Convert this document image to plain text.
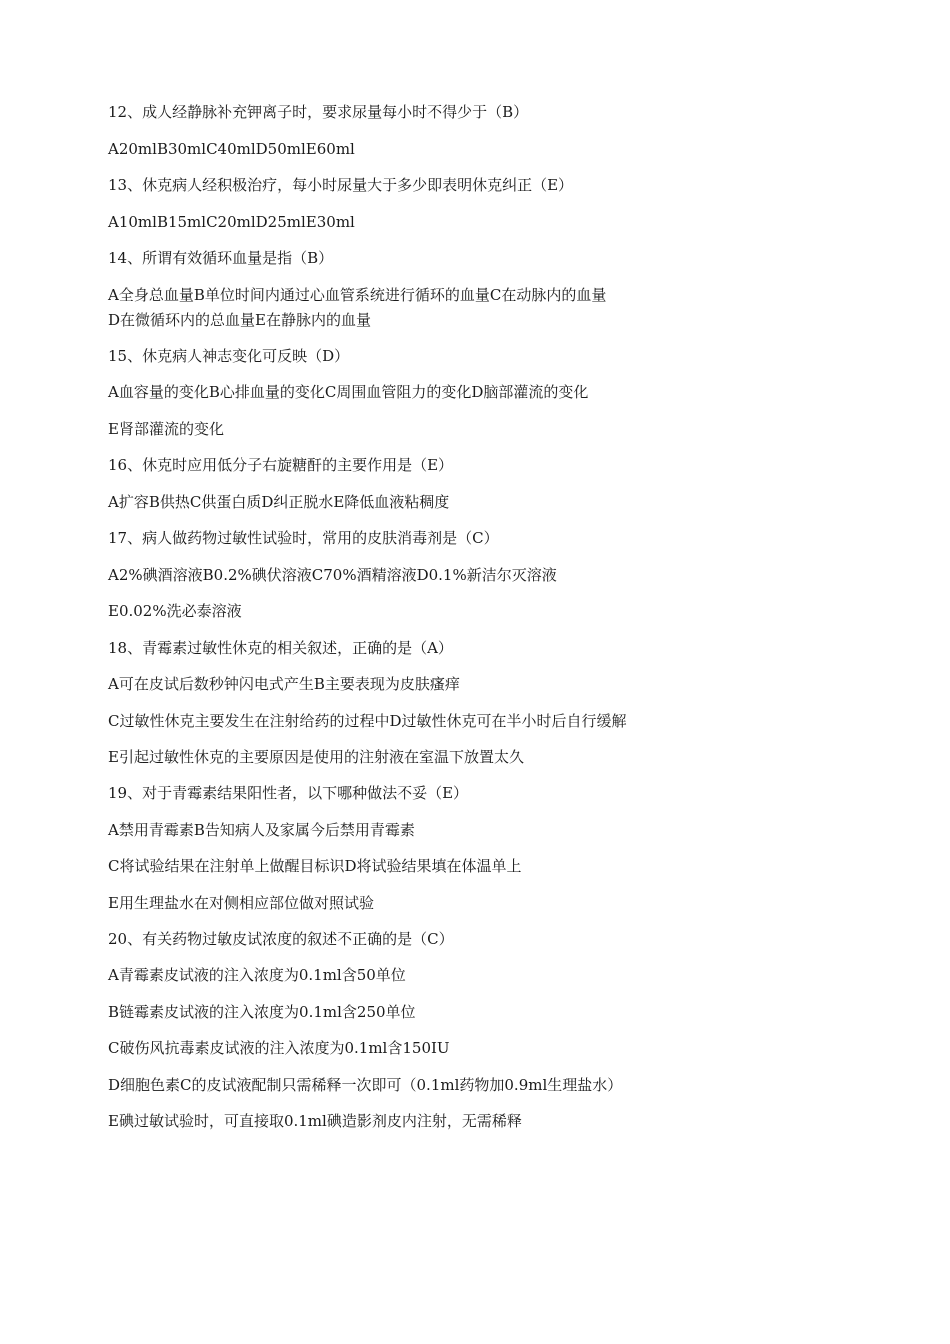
12、成人经静脉补充钾离子时，要求尿量每小时不得少于（B）
A20mlB30mlC40mlD50mlE60ml
13、休克病人经积极治疗，每小时尿量大于多少即表明休克纠正（E）
A10mlB15mlC20mlD25mlE30ml
14、所谓有效循环血量是指（B）
A全身总血量B单位时间内通过心血管系统进行循环的血量C在动脉内的血量
D在微循环内的总血量E在静脉内的血量
15、休克病人神志变化可反映（D）
A血容量的变化B心排血量的变化C周围血管阻力的变化D脑部灌流的变化
E肾部灌流的变化
16、休克时应用低分子右旋糖酐的主要作用是（E）
A扩容B供热C供蛋白质D纠正脱水E降低血液粘稠度
17、病人做药物过敏性试验时，常用的皮肤消毒剂是（C）
A2%碘酒溶液B0.2%碘伏溶液C70%酒精溶液D0.1%新洁尔灭溶液
E0.02%洗必泰溶液
18、青霉素过敏性休克的相关叙述，正确的是（A）
A可在皮试后数秒钟闪电式产生B主要表现为皮肤瘙痒
C过敏性休克主要发生在注射给药的过程中D过敏性休克可在半小时后自行缓解
E引起过敏性休克的主要原因是使用的注射液在室温下放置太久
19、对于青霉素结果阳性者，以下哪种做法不妥（E）
A禁用青霉素B告知病人及家属今后禁用青霉素
C将试验结果在注射单上做醒目标识D将试验结果填在体温单上
E用生理盐水在对侧相应部位做对照试验
20、有关药物过敏皮试浓度的叙述不正确的是（C）
A青霉素皮试液的注入浓度为0.1ml含50单位
B链霉素皮试液的注入浓度为0.1ml含250单位
C破伤风抗毒素皮试液的注入浓度为0.1ml含150IU
D细胞色素C的皮试液配制只需稀释一次即可（0.1ml药物加0.9ml生理盐水）
E碘过敏试验时，可直接取0.1ml碘造影剂皮内注射，无需稀释
